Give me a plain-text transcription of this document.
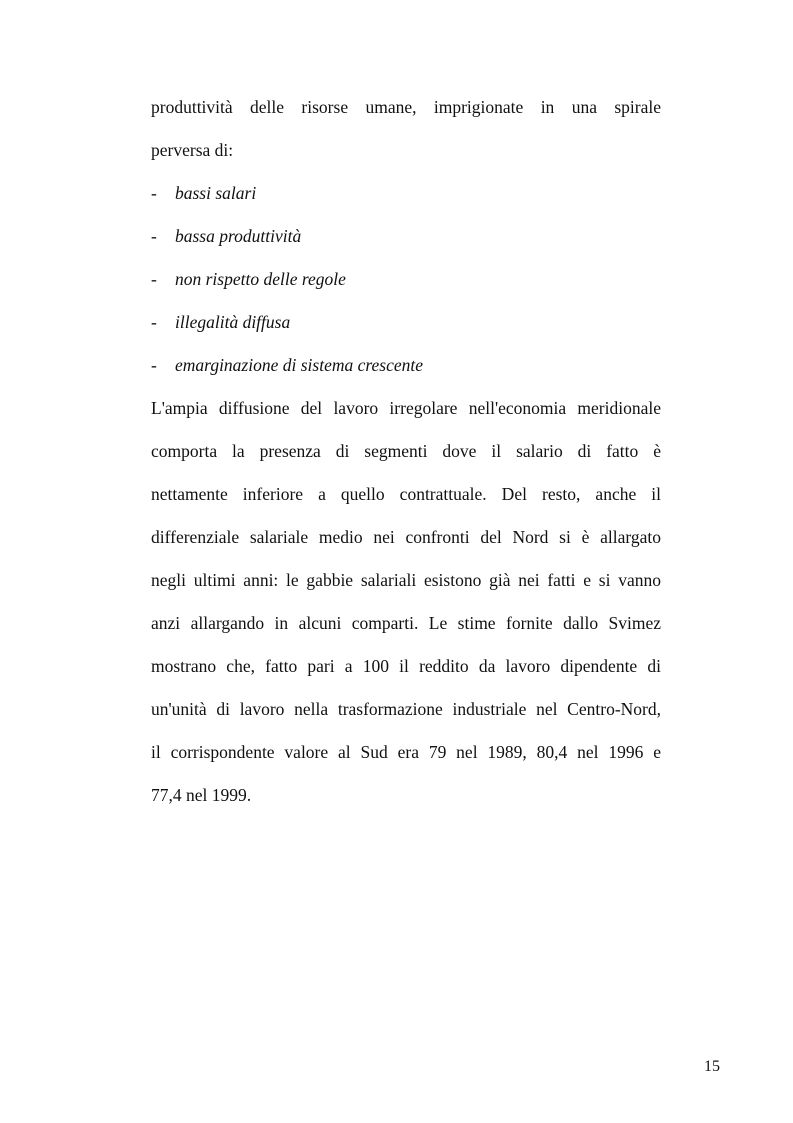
produttività delle risorse umane, imprigionate in una spirale
perversa di:
- bassi salari
- bassa produttività
- non rispetto delle regole
- illegalità diffusa
- emarginazione di sistema crescente
L'ampia diffusione del lavoro irregolare nell'economia meridionale
comporta la presenza di segmenti dove il salario di fatto è
nettamente inferiore a quello contrattuale. Del resto, anche il
differenziale salariale medio nei confronti del Nord si è allargato
negli ultimi anni: le gabbie salariali esistono già nei fatti e si vanno
anzi allargando in alcuni comparti. Le stime fornite dallo Svimez
mostrano che, fatto pari a 100 il reddito da lavoro dipendente di
un'unità di lavoro nella trasformazione industriale nel Centro-Nord,
il corrispondente valore al Sud era 79 nel 1989, 80,4 nel 1996 e
77,4 nel 1999.
15
